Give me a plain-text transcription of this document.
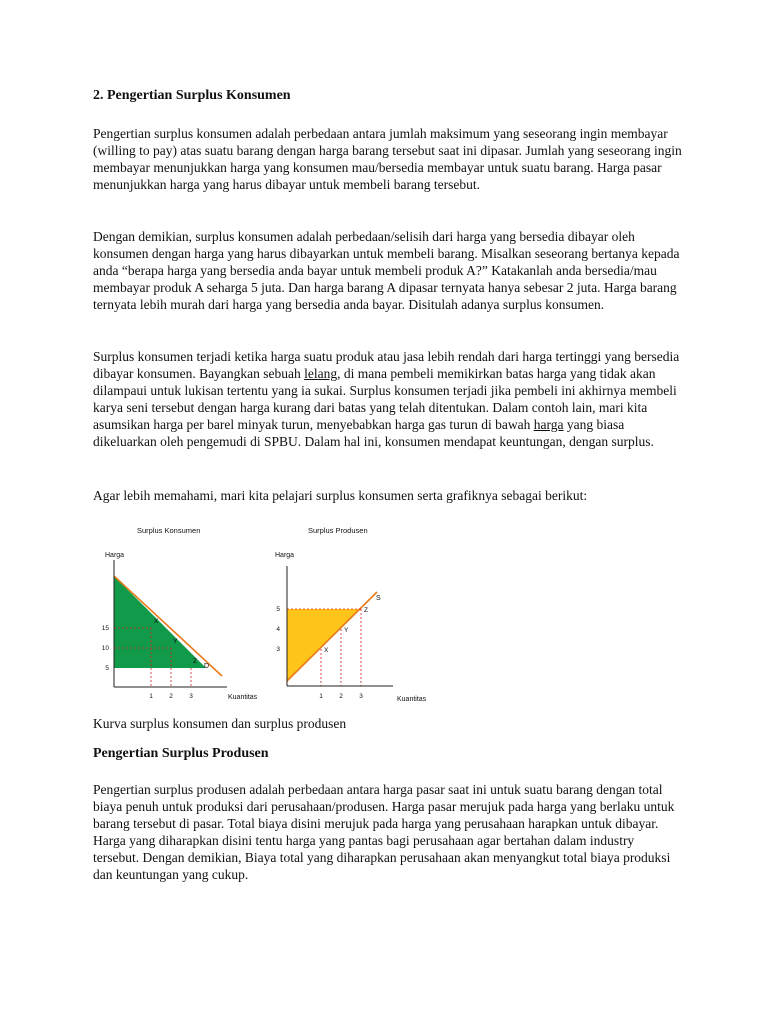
2. Pengertian Surplus Konsumen

Pengertian surplus konsumen adalah perbedaan antara jumlah maksimum yang seseorang ingin membayar (willing to pay) atas suatu barang dengan harga barang tersebut saat ini dipasar. Jumlah yang seseorang ingin membayar menunjukkan harga yang konsumen mau/bersedia membayar untuk suatu barang. Harga pasar menunjukkan harga yang harus dibayar untuk membeli barang tersebut.

Dengan demikian, surplus konsumen adalah perbedaan/selisih dari harga yang bersedia dibayar oleh konsumen dengan harga yang harus dibayarkan untuk membeli barang. Misalkan seseorang bertanya kepada anda “berapa harga yang bersedia anda bayar untuk membeli produk A?” Katakanlah anda bersedia/mau membayar produk A seharga 5 juta. Dan harga barang A dipasar ternyata hanya sebesar 2 juta. Harga barang ternyata lebih murah dari harga yang bersedia anda bayar. Disitulah adanya surplus konsumen.

Surplus konsumen terjadi ketika harga suatu produk atau jasa lebih rendah dari harga tertinggi yang bersedia dibayar konsumen. Bayangkan sebuah lelang, di mana pembeli memikirkan batas harga yang tidak akan dilampaui untuk lukisan tertentu yang ia sukai. Surplus konsumen terjadi jika pembeli ini akhirnya membeli karya seni tersebut dengan harga kurang dari batas yang telah ditentukan. Dalam contoh lain, mari kita asumsikan harga per barel minyak turun, menyebabkan harga gas turun di bawah harga yang biasa dikeluarkan oleh pengemudi di SPBU. Dalam hal ini, konsumen mendapat keuntungan, dengan surplus.

Agar lebih memahami, mari kita pelajari surplus konsumen serta grafiknya sebagai berikut:

Surplus Konsumen
Harga
Kuantitas
15
10
5
1	2	3
X
Y
Z
D
Surplus Produsen
Harga
Kuantitas
5
4
3
1	2	3
X
Y
Z
S
Kurva surplus konsumen dan surplus produsen
Pengertian Surplus Produsen

Pengertian surplus produsen adalah perbedaan antara harga pasar saat ini untuk suatu barang dengan total biaya penuh untuk produksi dari perusahaan/produsen. Harga pasar merujuk pada harga yang berlaku untuk barang tersebut di pasar. Total biaya disini merujuk pada harga yang perusahaan harapkan untuk dibayar. Harga yang diharapkan disini tentu harga yang pantas bagi perusahaan agar bertahan dalam industry tersebut. Dengan demikian, Biaya total yang diharapkan perusahaan akan menyangkut total biaya produksi dan keuntungan yang cukup.
